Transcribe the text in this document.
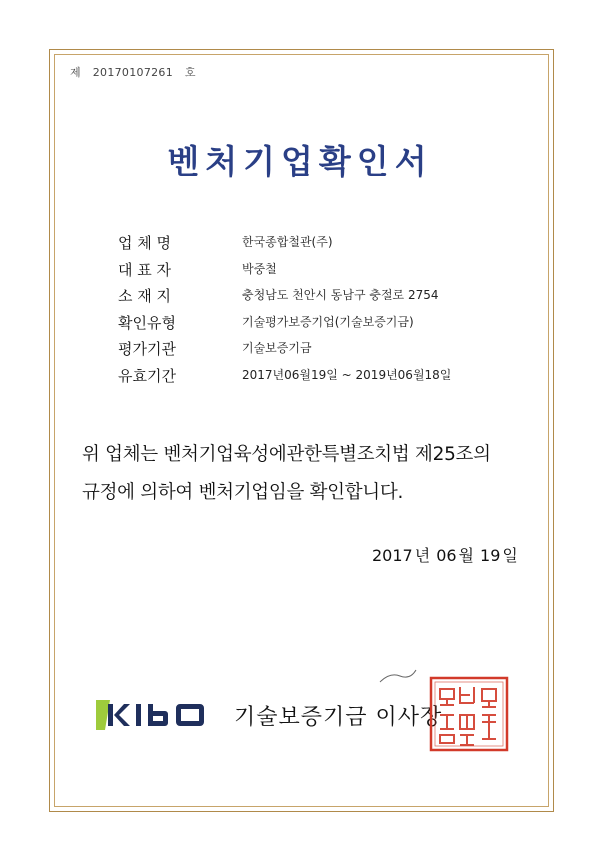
제 20170107261 호
벤처기업확인서
업 체 명	한국종합철관(주)
대 표 자	박중철
소 재 지	충청남도 천안시 동남구 충절로 2754
확인유형	기술평가보증기업(기술보증기금)
평가기관	기술보증기금
유효기간	2017년06월19일 ~ 2019년06월18일
위 업체는 벤처기업육성에관한특별조치법 제25조의
규정에 의하여 벤처기업임을 확인합니다.
2017 년 06 월 19 일
기술보증기금 이사장
